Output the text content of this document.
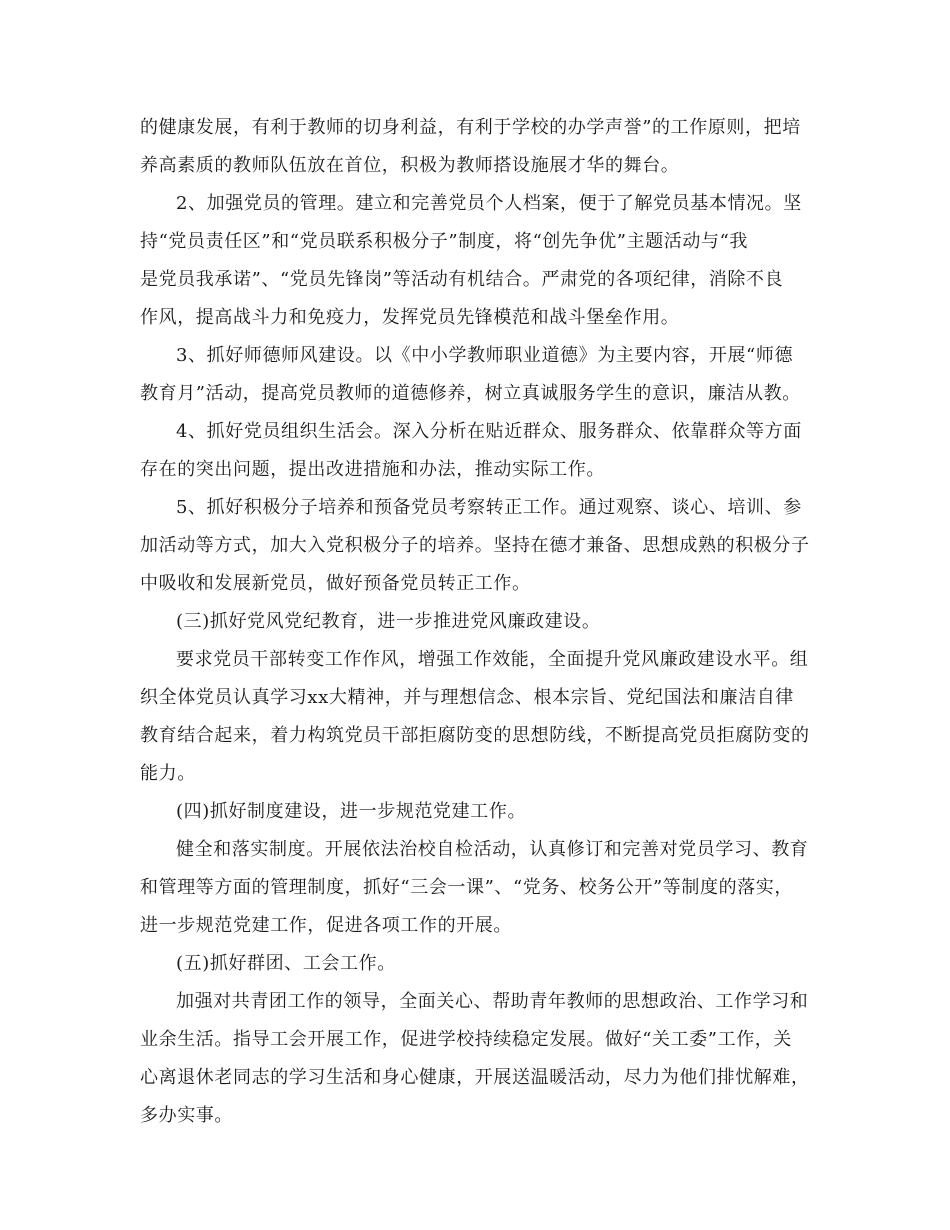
的健康发展，有利于教师的切身利益，有利于学校的办学声誉”的工作原则，把培
养高素质的教师队伍放在首位，积极为教师搭设施展才华的舞台。
2、加强党员的管理。建立和完善党员个人档案，便于了解党员基本情况。坚
持“党员责任区”和“党员联系积极分子”制度，将“创先争优”主题活动与“我
是党员我承诺”、“党员先锋岗”等活动有机结合。严肃党的各项纪律，消除不良
作风，提高战斗力和免疫力，发挥党员先锋模范和战斗堡垒作用。
3、抓好师德师风建设。以《中小学教师职业道德》为主要内容，开展“师德
教育月”活动，提高党员教师的道德修养，树立真诚服务学生的意识，廉洁从教。
4、抓好党员组织生活会。深入分析在贴近群众、服务群众、依靠群众等方面
存在的突出问题，提出改进措施和办法，推动实际工作。
5、抓好积极分子培养和预备党员考察转正工作。通过观察、谈心、培训、参
加活动等方式，加大入党积极分子的培养。坚持在德才兼备、思想成熟的积极分子
中吸收和发展新党员，做好预备党员转正工作。
(三)抓好党风党纪教育，进一步推进党风廉政建设。
要求党员干部转变工作作风，增强工作效能，全面提升党风廉政建设水平。组
织全体党员认真学习xx大精神，并与理想信念、根本宗旨、党纪国法和廉洁自律
教育结合起来，着力构筑党员干部拒腐防变的思想防线，不断提高党员拒腐防变的
能力。
(四)抓好制度建设，进一步规范党建工作。
健全和落实制度。开展依法治校自检活动，认真修订和完善对党员学习、教育
和管理等方面的管理制度，抓好“三会一课”、“党务、校务公开”等制度的落实，
进一步规范党建工作，促进各项工作的开展。
(五)抓好群团、工会工作。
加强对共青团工作的领导，全面关心、帮助青年教师的思想政治、工作学习和
业余生活。指导工会开展工作，促进学校持续稳定发展。做好“关工委”工作，关
心离退休老同志的学习生活和身心健康，开展送温暖活动，尽力为他们排忧解难，
多办实事。
